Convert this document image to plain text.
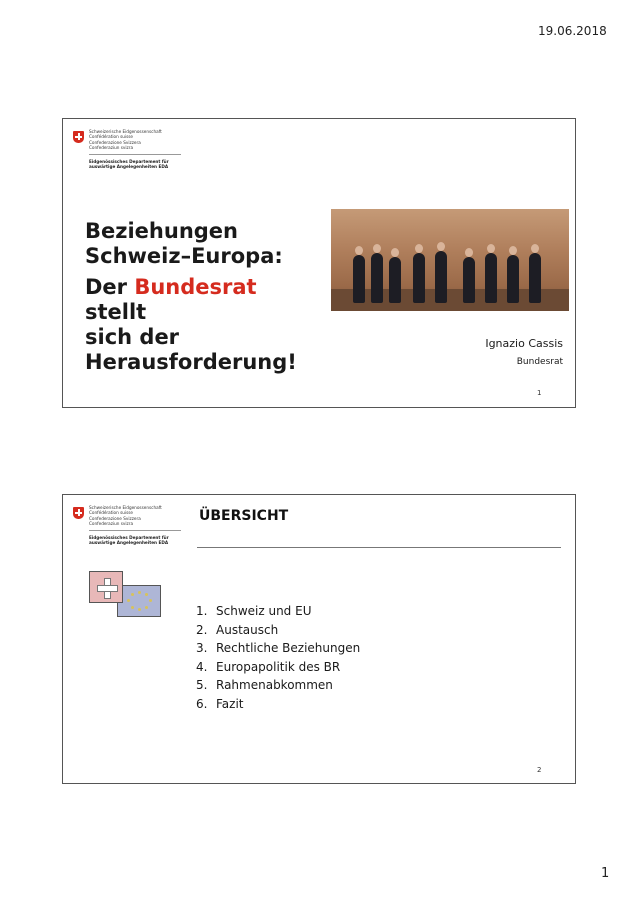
19.06.2018
Schweizerische Eidgenossenschaft
Confédération suisse
Confederazione Svizzera
Confederaziun svizra
Eidgenössisches Departement für
auswärtige Angelegenheiten EDA

Beziehungen
Schweiz–Europa:

Der Bundesrat stellt
sich der
Herausforderung!

Ignazio Cassis
Bundesrat
1
Schweizerische Eidgenossenschaft
Confédération suisse
Confederazione Svizzera
Confederaziun svizra
Eidgenössisches Departement für
auswärtige Angelegenheiten EDA
ÜBERSICHT
1. Schweiz und EU
2. Austausch
3. Rechtliche Beziehungen
4. Europapolitik des BR
5. Rahmenabkommen
6. Fazit
2
1
